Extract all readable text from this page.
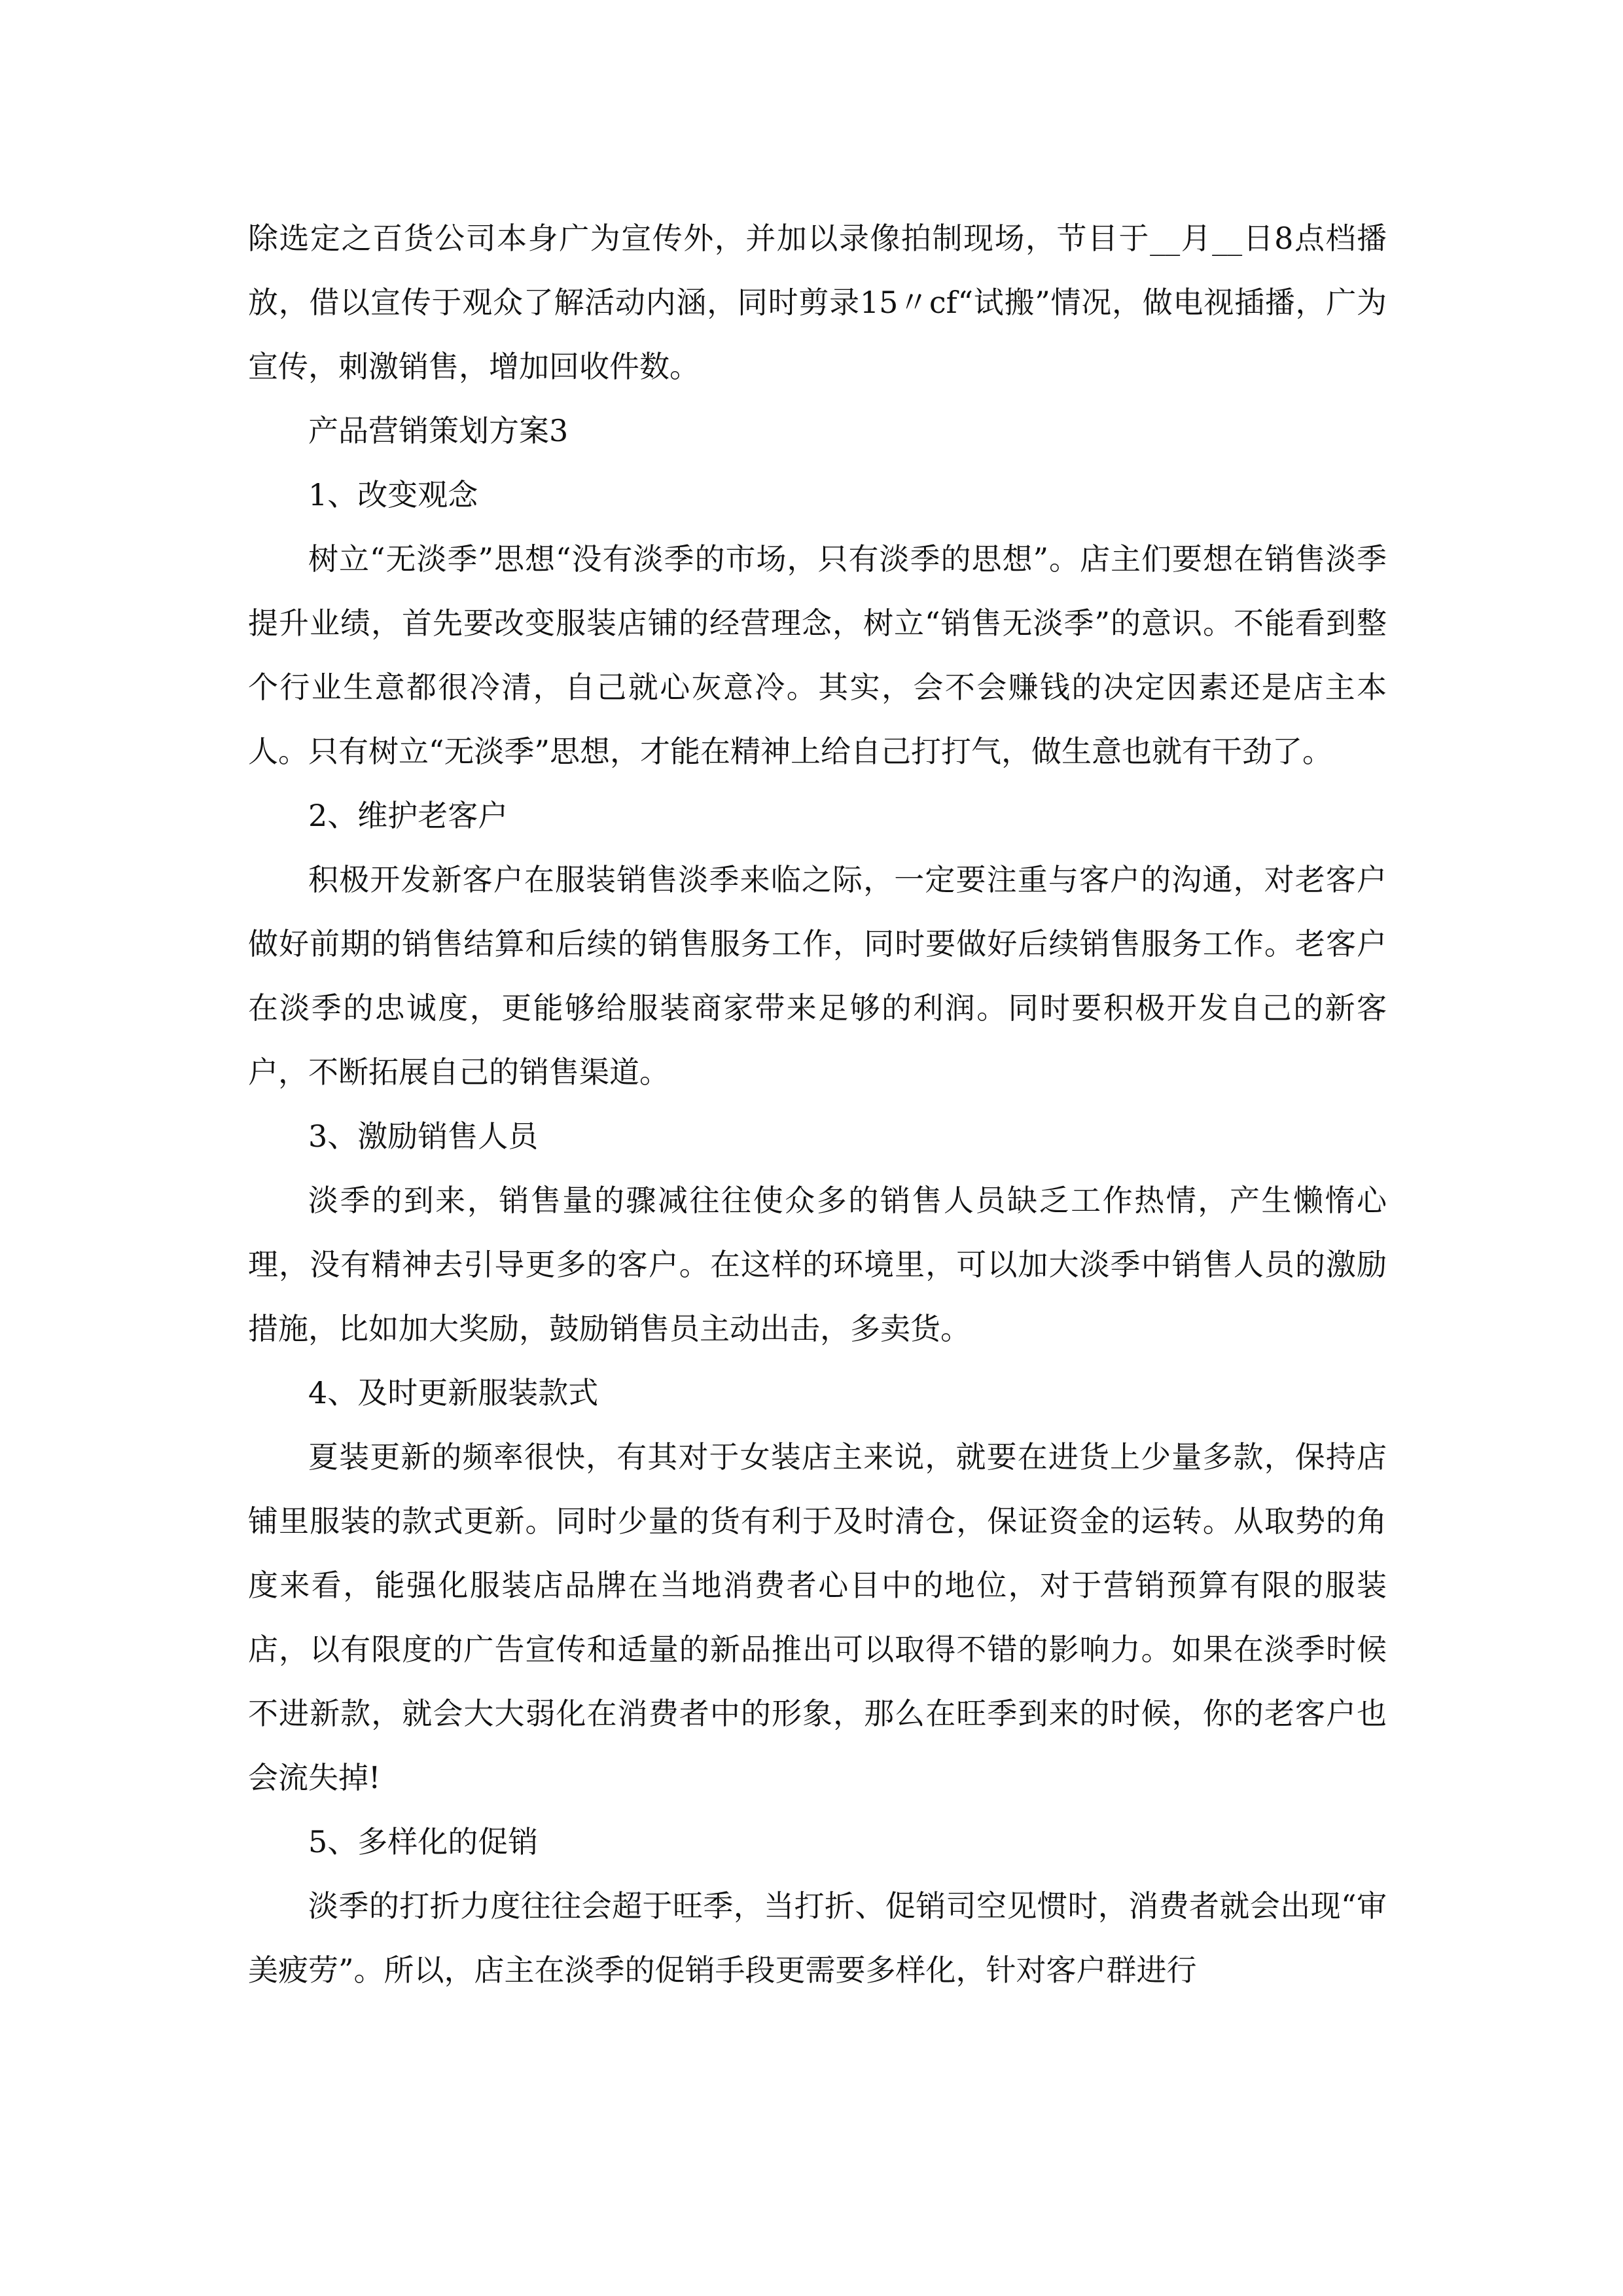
除选定之百货公司本身广为宣传外，并加以录像拍制现场，节目于__月__日8点档播放，借以宣传于观众了解活动内涵，同时剪录15〃cf“试搬”情况，做电视插播，广为宣传，刺激销售，增加回收件数。

产品营销策划方案3

1、改变观念

树立“无淡季”思想“没有淡季的市场，只有淡季的思想”。店主们要想在销售淡季提升业绩，首先要改变服装店铺的经营理念，树立“销售无淡季”的意识。不能看到整个行业生意都很冷清，自己就心灰意冷。其实，会不会赚钱的决定因素还是店主本人。只有树立“无淡季”思想，才能在精神上给自己打打气，做生意也就有干劲了。

2、维护老客户

积极开发新客户在服装销售淡季来临之际，一定要注重与客户的沟通，对老客户做好前期的销售结算和后续的销售服务工作，同时要做好后续销售服务工作。老客户在淡季的忠诚度，更能够给服装商家带来足够的利润。同时要积极开发自己的新客户，不断拓展自己的销售渠道。

3、激励销售人员

淡季的到来，销售量的骤减往往使众多的销售人员缺乏工作热情，产生懒惰心理，没有精神去引导更多的客户。在这样的环境里，可以加大淡季中销售人员的激励措施，比如加大奖励，鼓励销售员主动出击，多卖货。

4、及时更新服装款式

夏装更新的频率很快，有其对于女装店主来说，就要在进货上少量多款，保持店铺里服装的款式更新。同时少量的货有利于及时清仓，保证资金的运转。从取势的角度来看，能强化服装店品牌在当地消费者心目中的地位，对于营销预算有限的服装店，以有限度的广告宣传和适量的新品推出可以取得不错的影响力。如果在淡季时候不进新款，就会大大弱化在消费者中的形象，那么在旺季到来的时候，你的老客户也会流失掉!

5、多样化的促销

淡季的打折力度往往会超于旺季，当打折、促销司空见惯时，消费者就会出现“审美疲劳”。所以，店主在淡季的促销手段更需要多样化，针对客户群进行
